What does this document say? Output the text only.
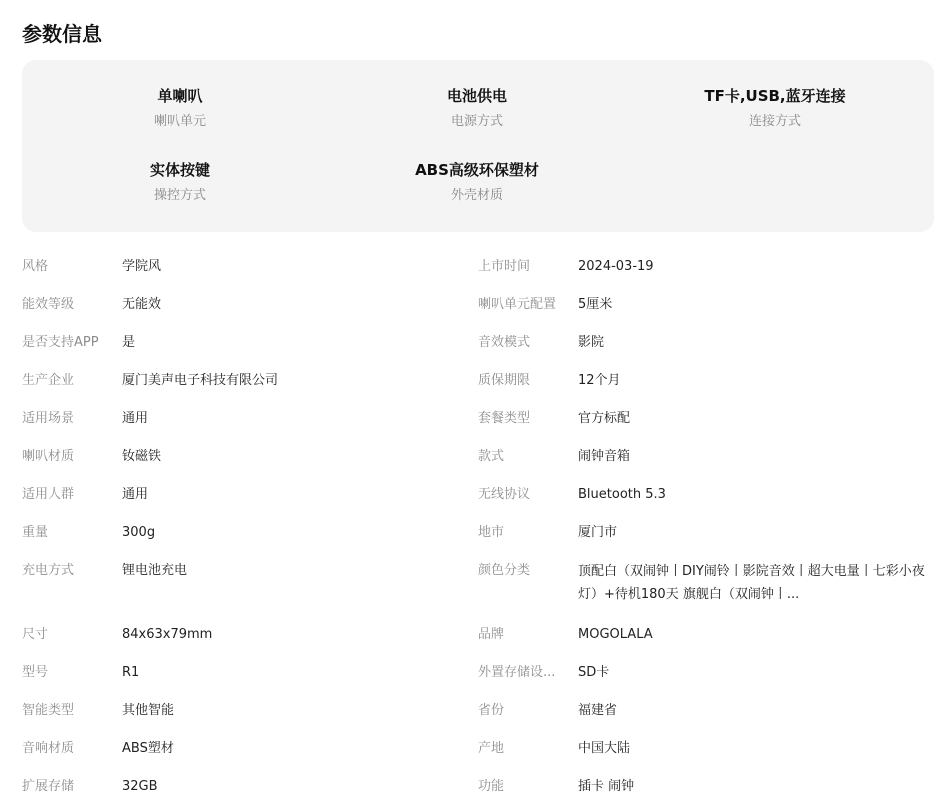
参数信息
单喇叭
喇叭单元
电池供电
电源方式
TF卡,USB,蓝牙连接
连接方式
实体按键
操控方式
ABS高级环保塑材
外壳材质
风格	学院风	上市时间	2024-03-19
能效等级	无能效	喇叭单元配置	5厘米
是否支持APP	是	音效模式	影院
生产企业	厦门美声电子科技有限公司	质保期限	12个月
适用场景	通用	套餐类型	官方标配
喇叭材质	钕磁铁	款式	闹钟音箱
适用人群	通用	无线协议	Bluetooth 5.3
重量	300g	地市	厦门市
充电方式	锂电池充电	颜色分类	顶配白（双闹钟丨DIY闹铃丨影院音效丨超大电量丨七彩小夜灯）+待机180天 旗舰白（双闹钟丨...
尺寸	84x63x79mm	品牌	MOGOLALA
型号	R1	外置存储设...	SD卡
智能类型	其他智能	省份	福建省
音响材质	ABS塑材	产地	中国大陆
扩展存储	32GB	功能	插卡 闹钟
